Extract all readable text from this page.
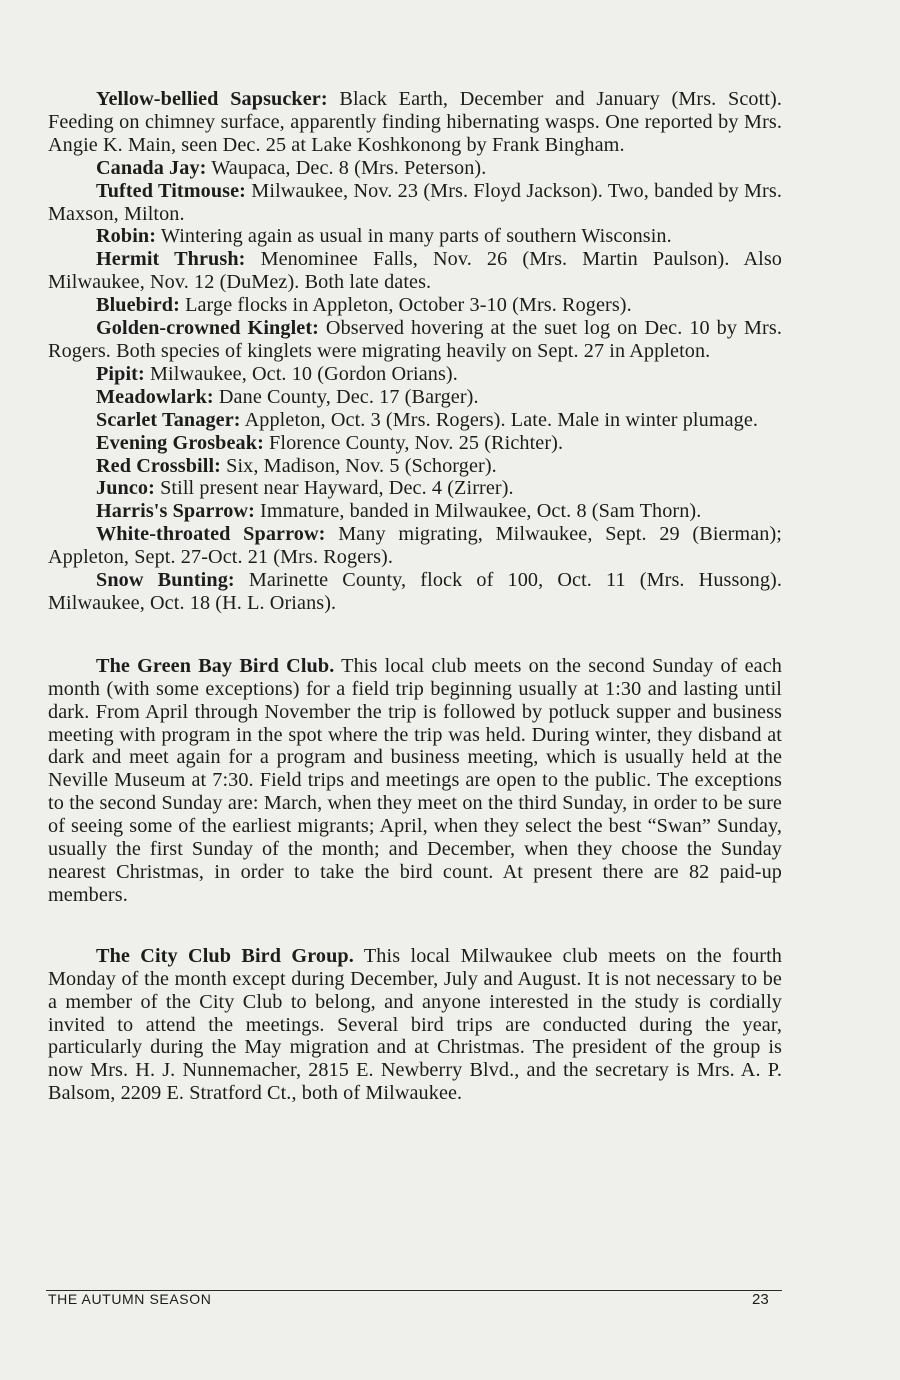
Yellow-bellied Sapsucker: Black Earth, December and January (Mrs. Scott). Feeding on chimney surface, apparently finding hibernating wasps. One reported by Mrs. Angie K. Main, seen Dec. 25 at Lake Koshkonong by Frank Bingham.

Canada Jay: Waupaca, Dec. 8 (Mrs. Peterson).

Tufted Titmouse: Milwaukee, Nov. 23 (Mrs. Floyd Jackson). Two, banded by Mrs. Maxson, Milton.

Robin: Wintering again as usual in many parts of southern Wisconsin.

Hermit Thrush: Menominee Falls, Nov. 26 (Mrs. Martin Paulson). Also Milwaukee, Nov. 12 (DuMez). Both late dates.

Bluebird: Large flocks in Appleton, October 3-10 (Mrs. Rogers).

Golden-crowned Kinglet: Observed hovering at the suet log on Dec. 10 by Mrs. Rogers. Both species of kinglets were migrating heavily on Sept. 27 in Appleton.

Pipit: Milwaukee, Oct. 10 (Gordon Orians).

Meadowlark: Dane County, Dec. 17 (Barger).

Scarlet Tanager: Appleton, Oct. 3 (Mrs. Rogers). Late. Male in winter plumage.

Evening Grosbeak: Florence County, Nov. 25 (Richter).

Red Crossbill: Six, Madison, Nov. 5 (Schorger).

Junco: Still present near Hayward, Dec. 4 (Zirrer).

Harris's Sparrow: Immature, banded in Milwaukee, Oct. 8 (Sam Thorn).

White-throated Sparrow: Many migrating, Milwaukee, Sept. 29 (Bierman); Appleton, Sept. 27-Oct. 21 (Mrs. Rogers).

Snow Bunting: Marinette County, flock of 100, Oct. 11 (Mrs. Hussong). Milwaukee, Oct. 18 (H. L. Orians).

The Green Bay Bird Club. This local club meets on the second Sunday of each month (with some exceptions) for a field trip beginning usually at 1:30 and lasting until dark. From April through November the trip is followed by potluck supper and business meeting with program in the spot where the trip was held. During winter, they disband at dark and meet again for a program and business meeting, which is usually held at the Neville Museum at 7:30. Field trips and meetings are open to the public. The exceptions to the second Sunday are: March, when they meet on the third Sunday, in order to be sure of seeing some of the earliest migrants; April, when they select the best “Swan” Sunday, usually the first Sunday of the month; and December, when they choose the Sunday nearest Christmas, in order to take the bird count. At present there are 82 paid-up members.

The City Club Bird Group. This local Milwaukee club meets on the fourth Monday of the month except during December, July and August. It is not necessary to be a member of the City Club to belong, and anyone interested in the study is cordially invited to attend the meetings. Several bird trips are conducted during the year, particularly during the May migration and at Christmas. The president of the group is now Mrs. H. J. Nunnemacher, 2815 E. Newberry Blvd., and the secretary is Mrs. A. P. Balsom, 2209 E. Stratford Ct., both of Milwaukee.

THE AUTUMN SEASON	23
